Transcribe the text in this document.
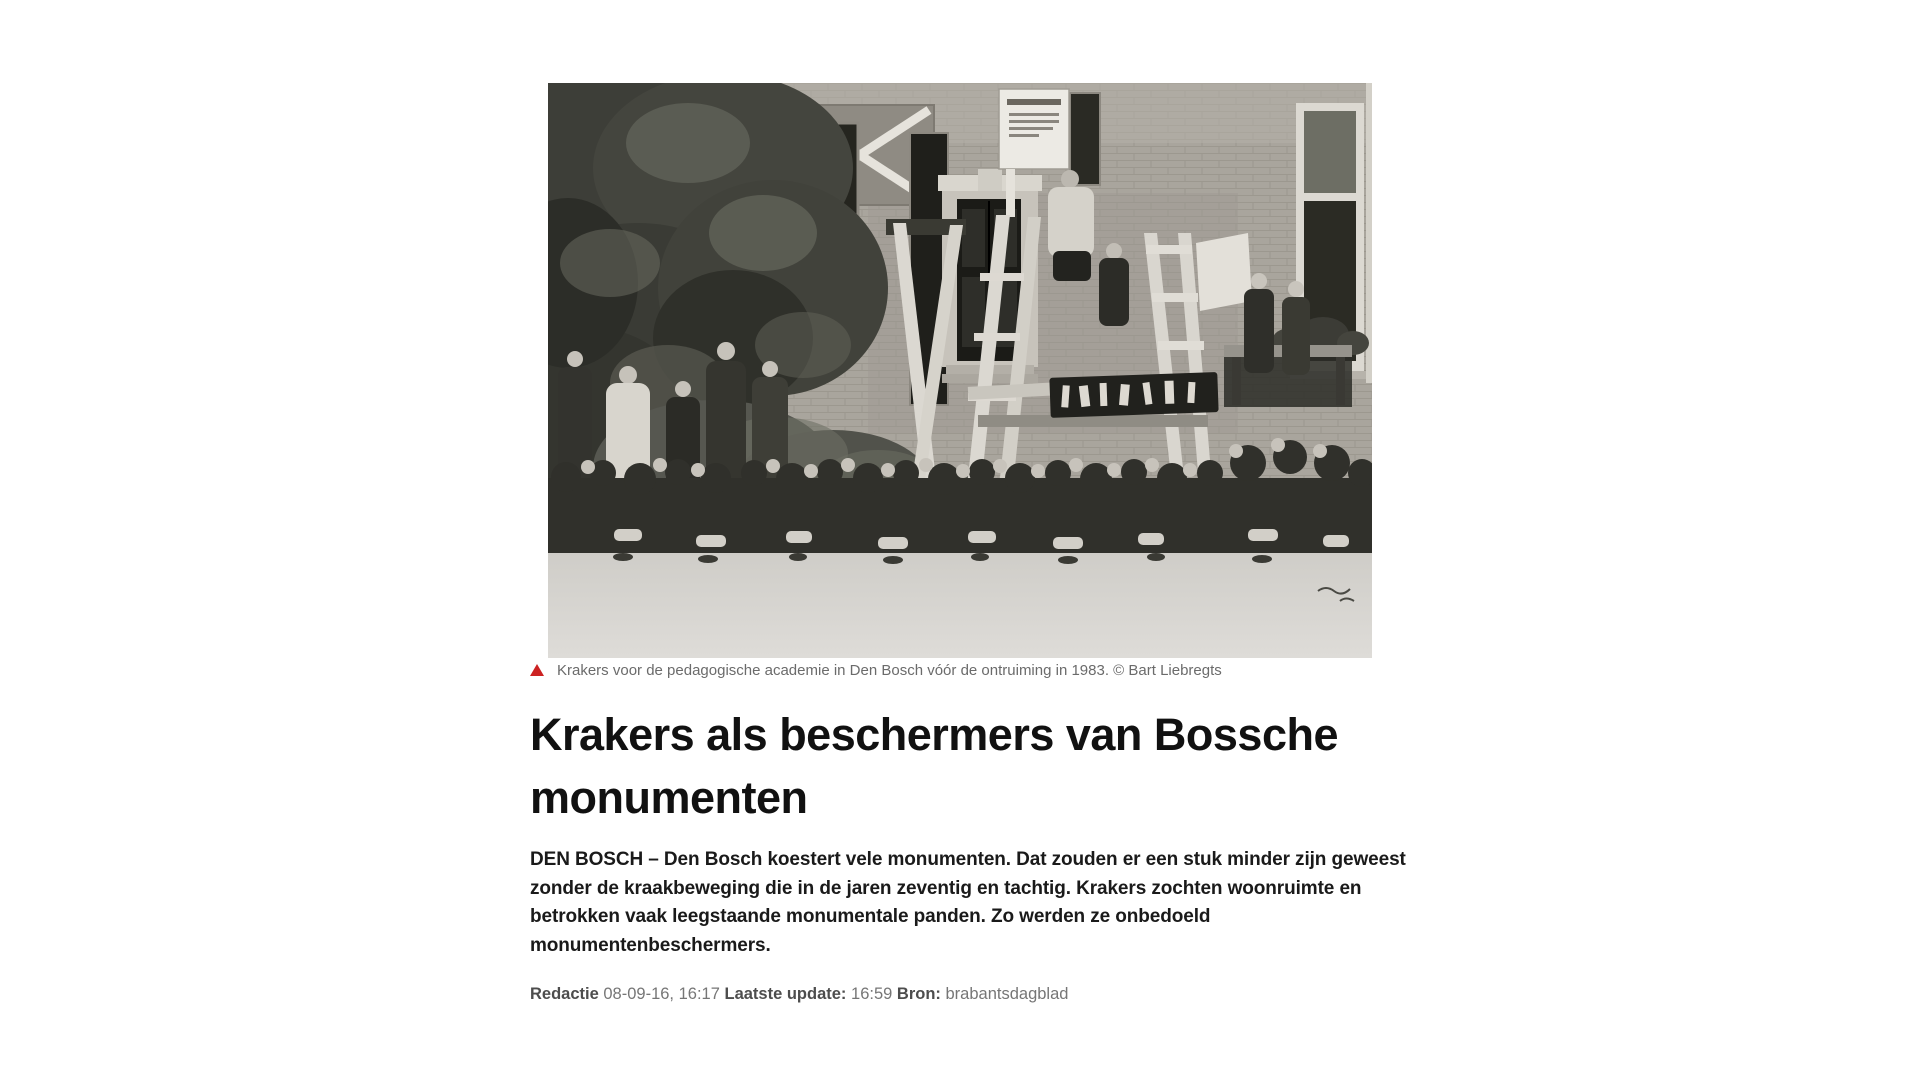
Krakers voor de pedagogische academie in Den Bosch vóór de ontruiming in 1983. © Bart Liebregts
Krakers als beschermers van Bossche monumenten

DEN BOSCH – Den Bosch koestert vele monumenten. Dat zouden er een stuk minder zijn geweest zonder de kraakbeweging die in de jaren zeventig en tachtig. Krakers zochten woonruimte en betrokken vaak leegstaande monumentale panden. Zo werden ze onbedoeld monumentenbeschermers.

Redactie 08-09-16, 16:17 Laatste update: 16:59 Bron: brabantsdagblad
